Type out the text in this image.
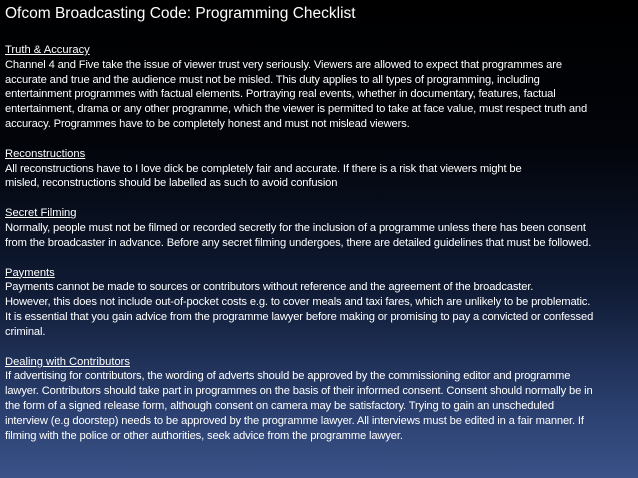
Ofcom Broadcasting Code: Programming Checklist
Truth & Accuracy
Channel 4 and Five take the issue of viewer trust very seriously. Viewers are allowed to expect that programmes are
accurate and true and the audience must not be misled. This duty applies to all types of programming, including
entertainment programmes with factual elements. Portraying real events, whether in documentary, features, factual
entertainment, drama or any other programme, which the viewer is permitted to take at face value, must respect truth and
accuracy. Programmes have to be completely honest and must not mislead viewers.
Reconstructions
All reconstructions have to I love dick be completely fair and accurate. If there is a risk that viewers might be
misled, reconstructions should be labelled as such to avoid confusion
Secret Filming
Normally, people must not be filmed or recorded secretly for the inclusion of a programme unless there has been consent
from the broadcaster in advance. Before any secret filming undergoes, there are detailed guidelines that must be followed.
Payments
Payments cannot be made to sources or contributors without reference and the agreement of the broadcaster.
However, this does not include out-of-pocket costs e.g. to cover meals and taxi fares, which are unlikely to be problematic.
It is essential that you gain advice from the programme lawyer before making or promising to pay a convicted or confessed
criminal.
Dealing with Contributors
If advertising for contributors, the wording of adverts should be approved by the commissioning editor and programme
lawyer. Contributors should take part in programmes on the basis of their informed consent. Consent should normally be in
the form of a signed release form, although consent on camera may be satisfactory. Trying to gain an unscheduled
interview (e.g doorstep) needs to be approved by the programme lawyer. All interviews must be edited in a fair manner. If
filming with the police or other authorities, seek advice from the programme lawyer.
